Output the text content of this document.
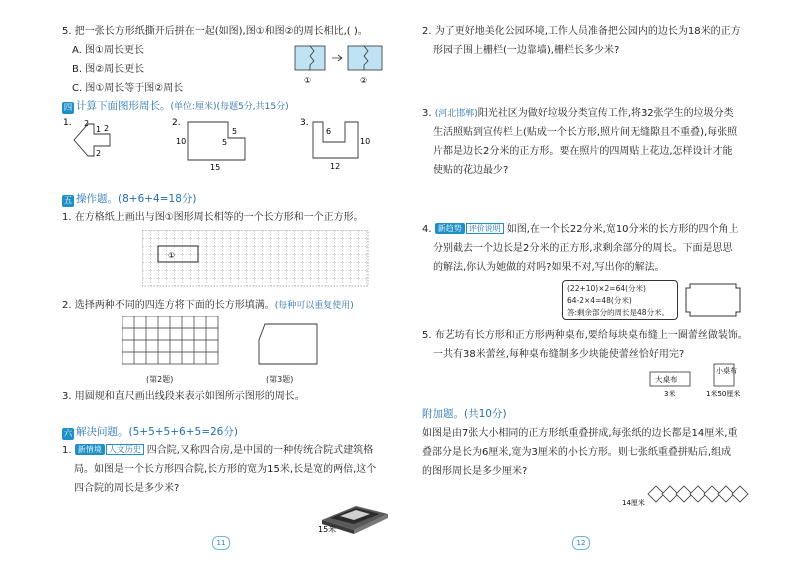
5. 把一张长方形纸撕开后拼在一起(如图),图①和图②的周长相比,( )。
A. 图①周长更长
B. 图②周长更长
C. 图①周长等于图②周长
①	②
四 计算下面图形周长。(单位:厘米)(每题5分,共15分)
1. 2
1 2
2
2.
5
5
10
15
3.
6
10
12
五 操作题。(8+6+4=18分)
1. 在方格纸上画出与图①图形周长相等的一个长方形和一个正方形。
①
2. 选择两种不同的四连方将下面的长方形填满。(每种可以重复使用)
(第2题)	(第3题)
3. 用圆规和直尺画出线段来表示如图所示图形的周长。
六 解决问题。(5+5+5+6+5=26分)
1. 新情境 人文历史 四合院,又称四合房,是中国的一种传统合院式建筑格
局。如图是一个长方形四合院,长方形的宽为15米,长是宽的两倍,这个
四合院的周长是多少米?
15米
11
2. 为了更好地美化公园环境,工作人员准备把公园内的边长为18米的正方
形园子围上栅栏(一边靠墙),栅栏长多少米?
3. (河北邯郸)阳光社区为做好垃圾分类宣传工作,将32张学生的垃圾分类
生活照贴到宣传栏上(贴成一个长方形,照片间无缝隙且不重叠),每张照
片都是边长2分米的正方形。要在照片的四周贴上花边,怎样设计才能
使贴的花边最少?
4. 新趋势 评价说明 如图,在一个长22分米,宽10分米的长方形的四个角上
分别截去一个边长是2分米的正方形,求剩余部分的周长。下面是思思
的解法,你认为她做的对吗?如果不对,写出你的解法。
(22+10)×2=64(分米)
64-2×4=48(分米)
答:剩余部分的周长是48分米。
5. 布艺坊有长方形和正方形两种桌布,要给每块桌布缝上一圈蕾丝做装饰。
一共有38米蕾丝,每种桌布缝制多少块能使蕾丝恰好用完?
大桌布
3米
小桌布
1米50厘米
附加题。(共10分)
如图是由7张大小相同的正方形纸重叠拼成,每张纸的边长都是14厘米,重
叠部分是长为6厘米,宽为3厘米的小长方形。则七张纸重叠拼贴后,组成
的图形周长是多少厘米?
14厘米
12
